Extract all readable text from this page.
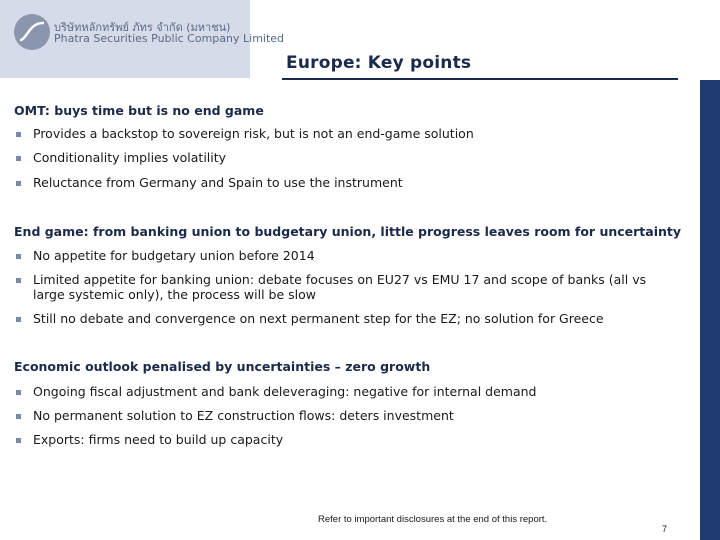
บริษัทหลักทรัพย์ ภัทร จำกัด (มหาชน)
Phatra Securities Public Company Limited
Europe: Key points
OMT: buys time but is no end game
Provides a backstop to sovereign risk, but is not an end-game solution
Conditionality implies volatility
Reluctance from Germany and Spain to use the instrument
End game: from banking union to budgetary union, little progress leaves room for uncertainty
No appetite for budgetary union before 2014
Limited appetite for banking union: debate focuses on EU27 vs EMU 17 and scope of banks (all vs large systemic only), the process will be slow
Still no debate and convergence on next permanent step for the EZ; no solution for Greece
Economic outlook penalised by uncertainties – zero growth
Ongoing fiscal adjustment and bank deleveraging: negative for internal demand
No permanent solution to EZ construction flows: deters investment
Exports: firms need to build up capacity
Refer to important disclosures at the end of this report.
7
